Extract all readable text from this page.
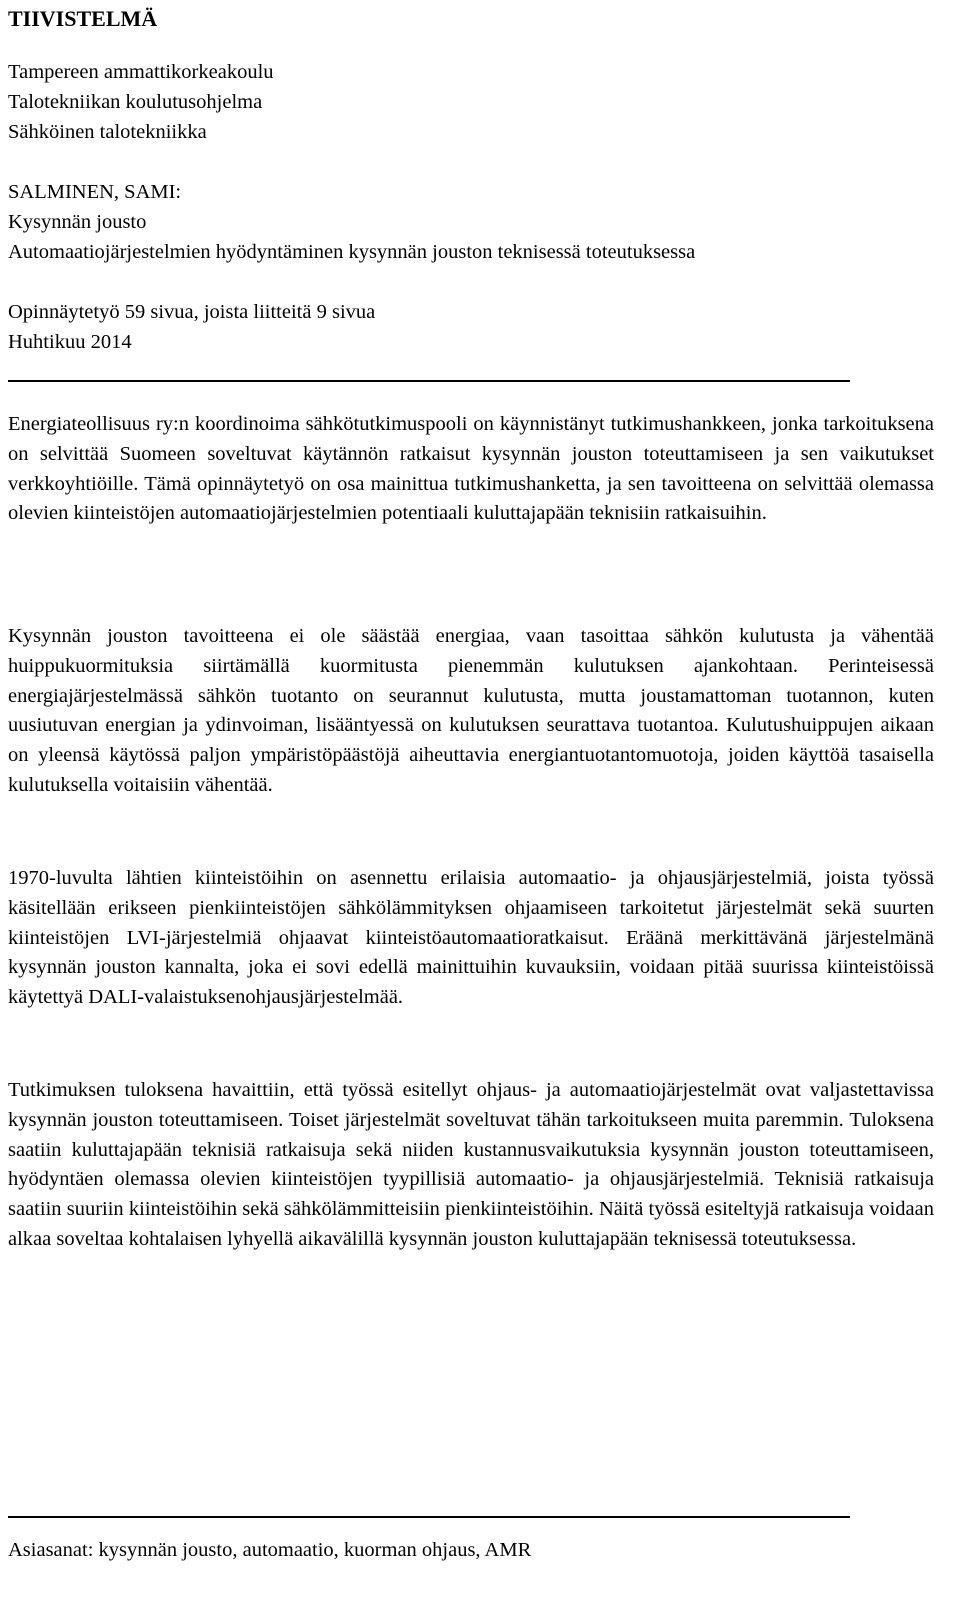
TIIVISTELMÄ
Tampereen ammattikorkeakoulu
Talotekniikan koulutusohjelma
Sähköinen talotekniikka
SALMINEN, SAMI:
Kysynnän jousto
Automaatiojärjestelmien hyödyntäminen kysynnän jouston teknisessä toteutuksessa
Opinnäytetyö 59 sivua, joista liitteitä 9 sivua
Huhtikuu 2014

Energiateollisuus ry:n koordinoima sähkötutkimuspooli on käynnistänyt tutkimushankkeen, jonka tarkoituksena on selvittää Suomeen soveltuvat käytännön ratkaisut kysynnän jouston toteuttamiseen ja sen vaikutukset verkkoyhtiöille. Tämä opinnäytetyö on osa mainittua tutkimushanketta, ja sen tavoitteena on selvittää olemassa olevien kiinteistöjen automaatiojärjestelmien potentiaali kuluttajapään teknisiin ratkaisuihin.

Kysynnän jouston tavoitteena ei ole säästää energiaa, vaan tasoittaa sähkön kulutusta ja vähentää huippukuormituksia siirtämällä kuormitusta pienemmän kulutuksen ajankohtaan. Perinteisessä energiajärjestelmässä sähkön tuotanto on seurannut kulutusta, mutta joustamattoman tuotannon, kuten uusiutuvan energian ja ydinvoiman, lisääntyessä on kulutuksen seurattava tuotantoa. Kulutushuippujen aikaan on yleensä käytössä paljon ympäristöpäästöjä aiheuttavia energiantuotantomuotoja, joiden käyttöä tasaisella kulutuksella voitaisiin vähentää.

1970-luvulta lähtien kiinteistöihin on asennettu erilaisia automaatio- ja ohjausjärjestelmiä, joista työssä käsitellään erikseen pienkiinteistöjen sähkölämmityksen ohjaamiseen tarkoitetut järjestelmät sekä suurten kiinteistöjen LVI-järjestelmiä ohjaavat kiinteistöautomaatioratkaisut. Eräänä merkittävänä järjestelmänä kysynnän jouston kannalta, joka ei sovi edellä mainittuihin kuvauksiin, voidaan pitää suurissa kiinteistöissä käytettyä DALI-valaistuksenohjausjärjestelmää.

Tutkimuksen tuloksena havaittiin, että työssä esitellyt ohjaus- ja automaatiojärjestelmät ovat valjastettavissa kysynnän jouston toteuttamiseen. Toiset järjestelmät soveltuvat tähän tarkoitukseen muita paremmin. Tuloksena saatiin kuluttajapään teknisiä ratkaisuja sekä niiden kustannusvaikutuksia kysynnän jouston toteuttamiseen, hyödyntäen olemassa olevien kiinteistöjen tyypillisiä automaatio- ja ohjausjärjestelmiä. Teknisiä ratkaisuja saatiin suuriin kiinteistöihin sekä sähkölämmitteisiin pienkiinteistöihin. Näitä työssä esiteltyjä ratkaisuja voidaan alkaa soveltaa kohtalaisen lyhyellä aikavälillä kysynnän jouston kuluttajapään teknisessä toteutuksessa.

Asiasanat: kysynnän jousto, automaatio, kuorman ohjaus, AMR
